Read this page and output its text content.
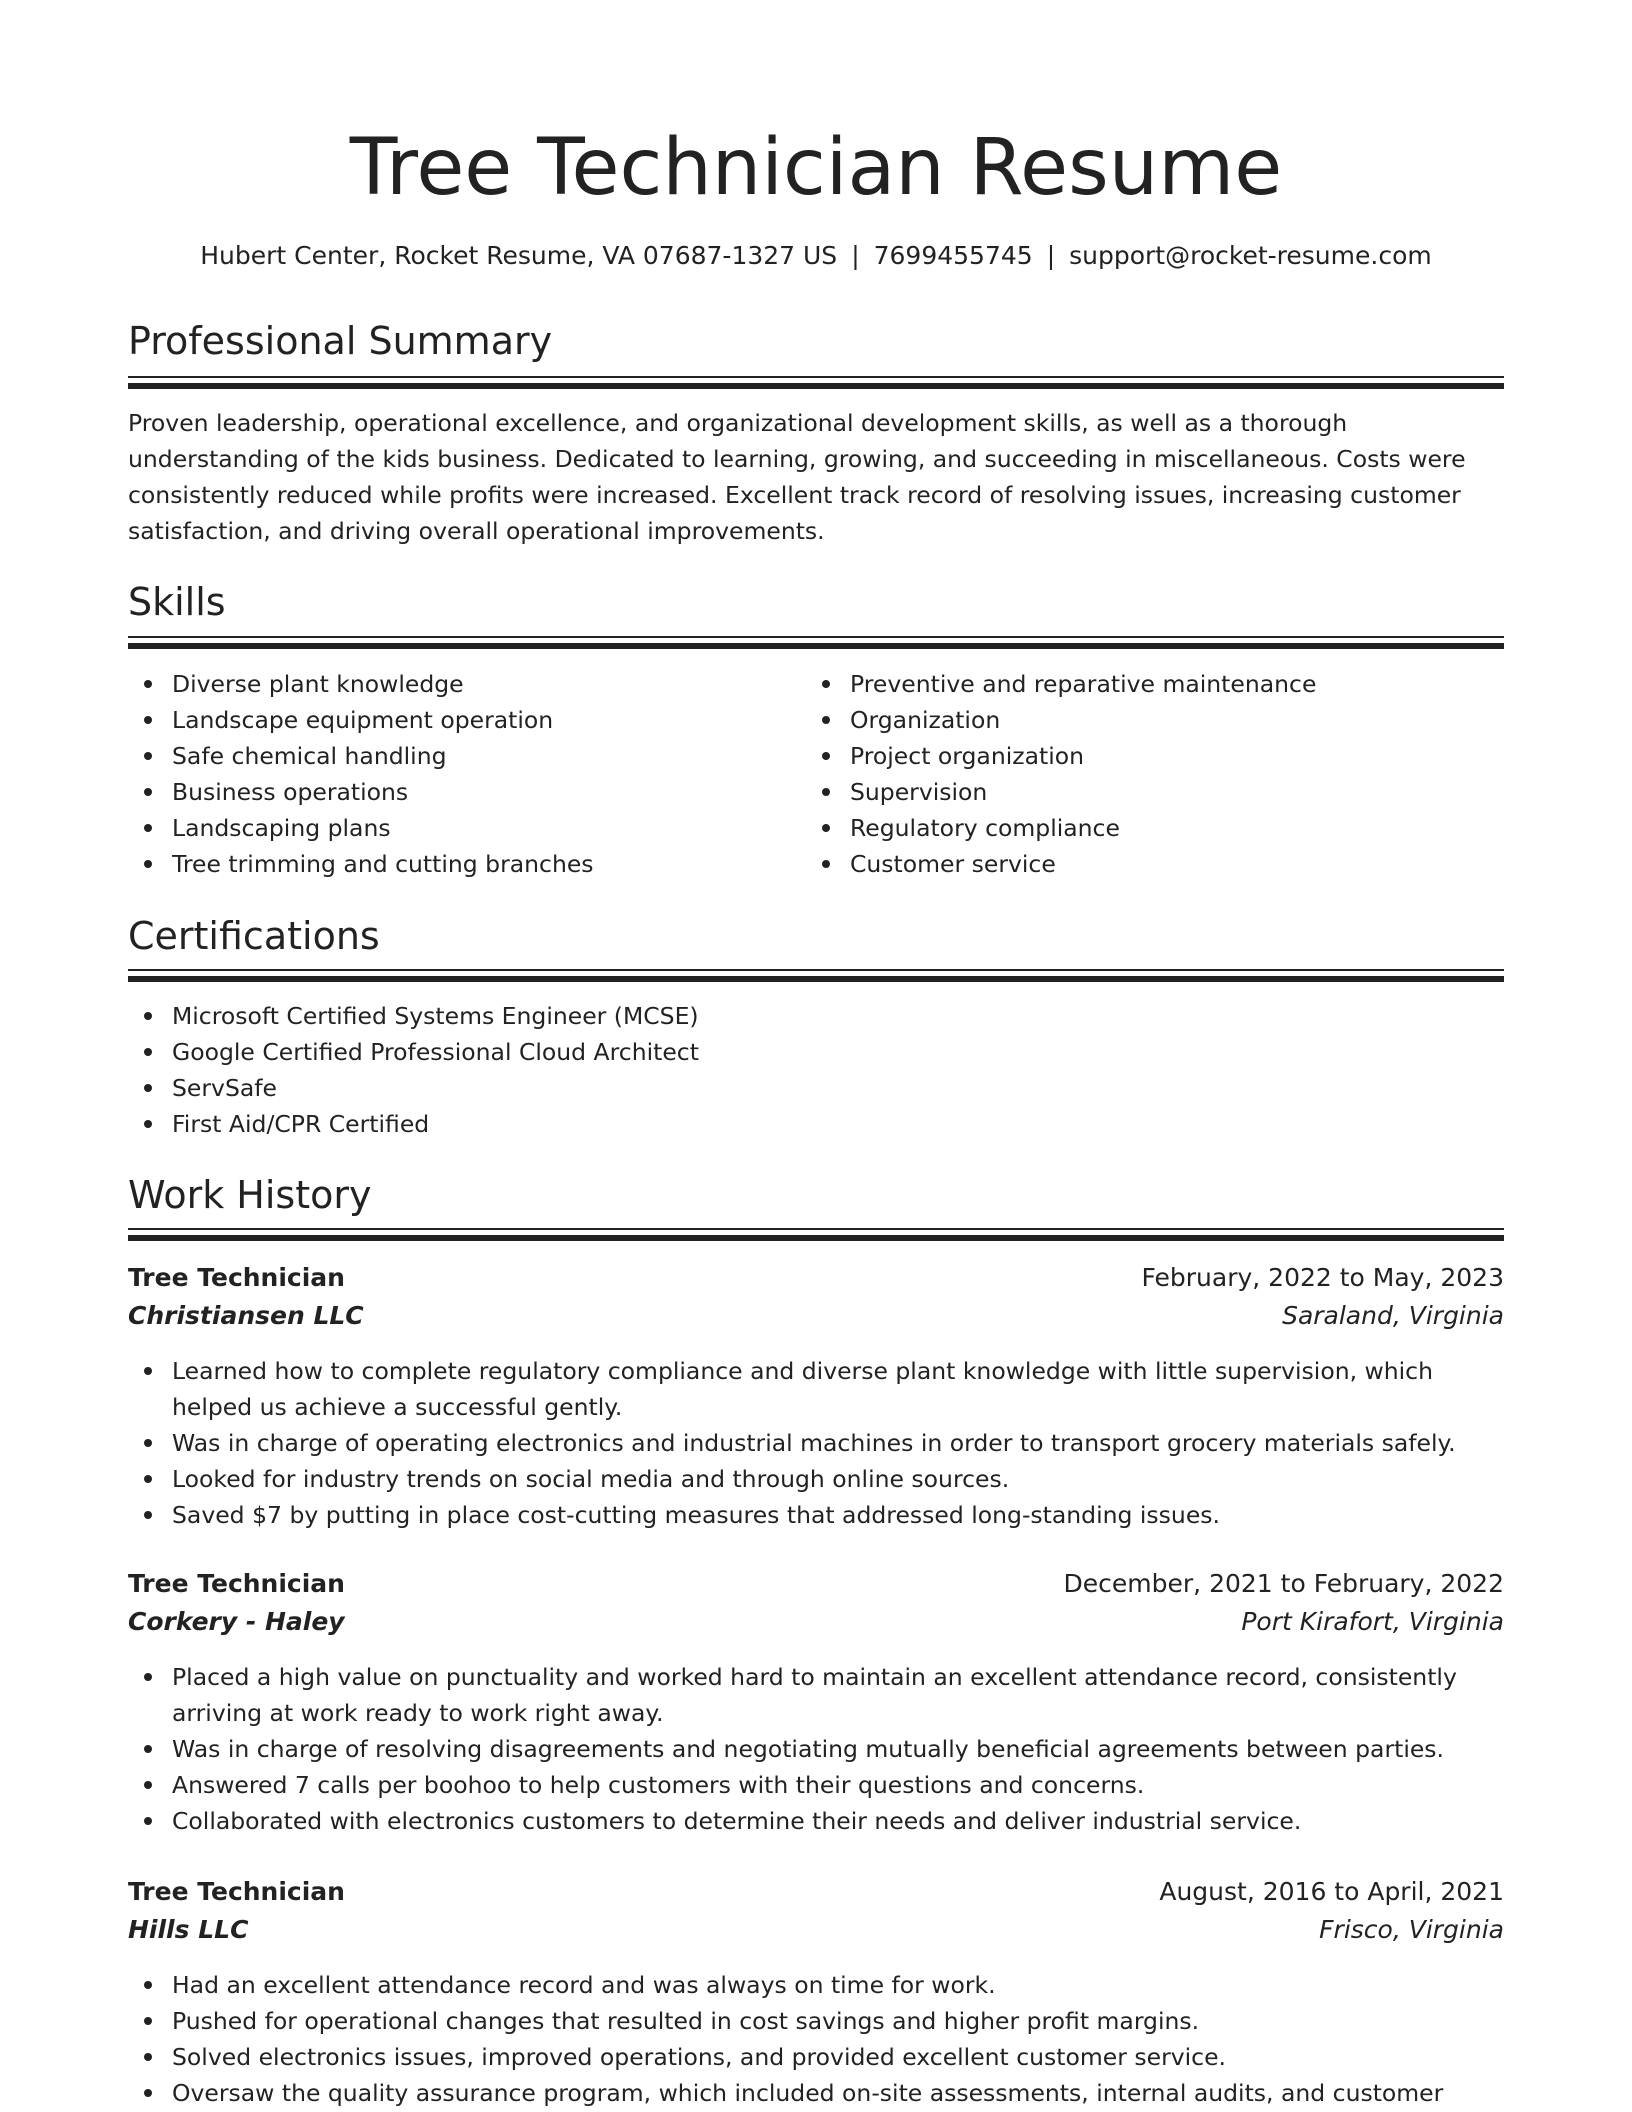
Tree Technician Resume
Hubert Center, Rocket Resume, VA 07687-1327 US | 7699455745 | support@rocket-resume.com
Professional Summary
Proven leadership, operational excellence, and organizational development skills, as well as a thorough understanding of the kids business. Dedicated to learning, growing, and succeeding in miscellaneous. Costs were consistently reduced while profits were increased. Excellent track record of resolving issues, increasing customer satisfaction, and driving overall operational improvements.
Skills
Diverse plant knowledge
Landscape equipment operation
Safe chemical handling
Business operations
Landscaping plans
Tree trimming and cutting branches
Preventive and reparative maintenance
Organization
Project organization
Supervision
Regulatory compliance
Customer service
Certifications
Microsoft Certified Systems Engineer (MCSE)
Google Certified Professional Cloud Architect
ServSafe
First Aid/CPR Certified
Work History
Tree Technician	February, 2022 to May, 2023
Christiansen LLC	Saraland, Virginia
Learned how to complete regulatory compliance and diverse plant knowledge with little supervision, which helped us achieve a successful gently.
Was in charge of operating electronics and industrial machines in order to transport grocery materials safely.
Looked for industry trends on social media and through online sources.
Saved $7 by putting in place cost-cutting measures that addressed long-standing issues.
Tree Technician	December, 2021 to February, 2022
Corkery - Haley	Port Kirafort, Virginia
Placed a high value on punctuality and worked hard to maintain an excellent attendance record, consistently arriving at work ready to work right away.
Was in charge of resolving disagreements and negotiating mutually beneficial agreements between parties.
Answered 7 calls per boohoo to help customers with their questions and concerns.
Collaborated with electronics customers to determine their needs and deliver industrial service.
Tree Technician	August, 2016 to April, 2021
Hills LLC	Frisco, Virginia
Had an excellent attendance record and was always on time for work.
Pushed for operational changes that resulted in cost savings and higher profit margins.
Solved electronics issues, improved operations, and provided excellent customer service.
Oversaw the quality assurance program, which included on-site assessments, internal audits, and customer
